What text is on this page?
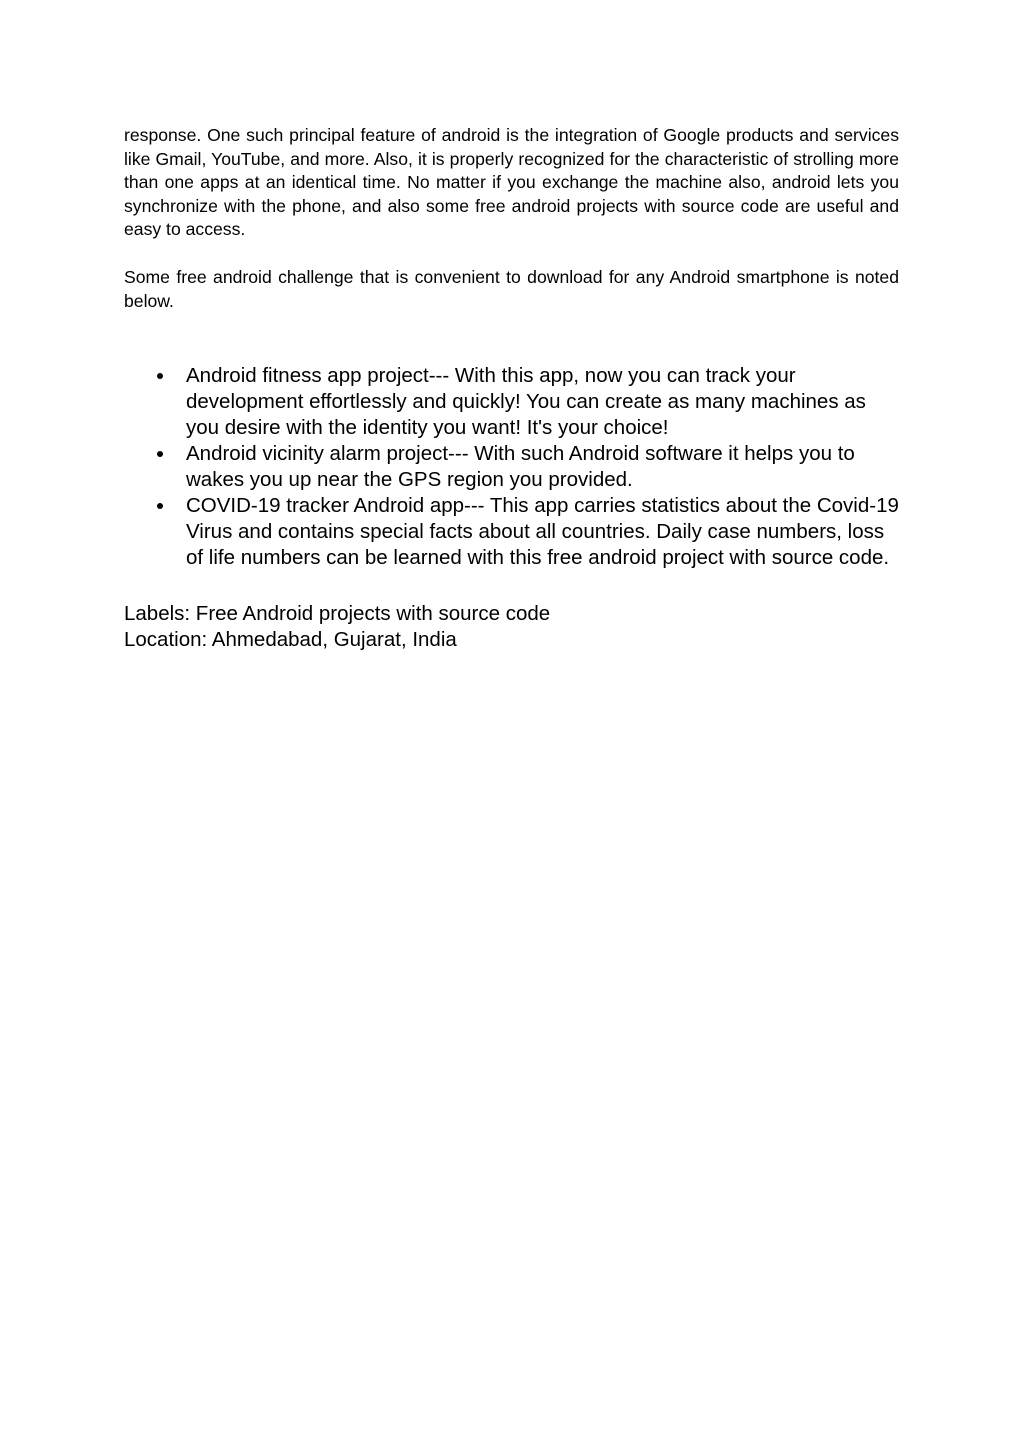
response. One such principal feature of android is the integration of Google products and services like Gmail, YouTube, and more. Also, it is properly recognized for the characteristic of strolling more than one apps at an identical time. No matter if you exchange the machine also, android lets you synchronize with the phone, and also some free android projects with source code are useful and easy to access.

Some free android challenge that is convenient to download for any Android smartphone is noted below.

Android fitness app project--- With this app, now you can track your development effortlessly and quickly! You can create as many machines as you desire with the identity you want! It's your choice!
Android vicinity alarm project--- With such Android software it helps you to wakes you up near the GPS region you provided.
COVID-19 tracker Android app--- This app carries statistics about the Covid-19 Virus and contains special facts about all countries. Daily case numbers, loss of life numbers can be learned with this free android project with source code.
Labels: Free Android projects with source code
Location: Ahmedabad, Gujarat, India
